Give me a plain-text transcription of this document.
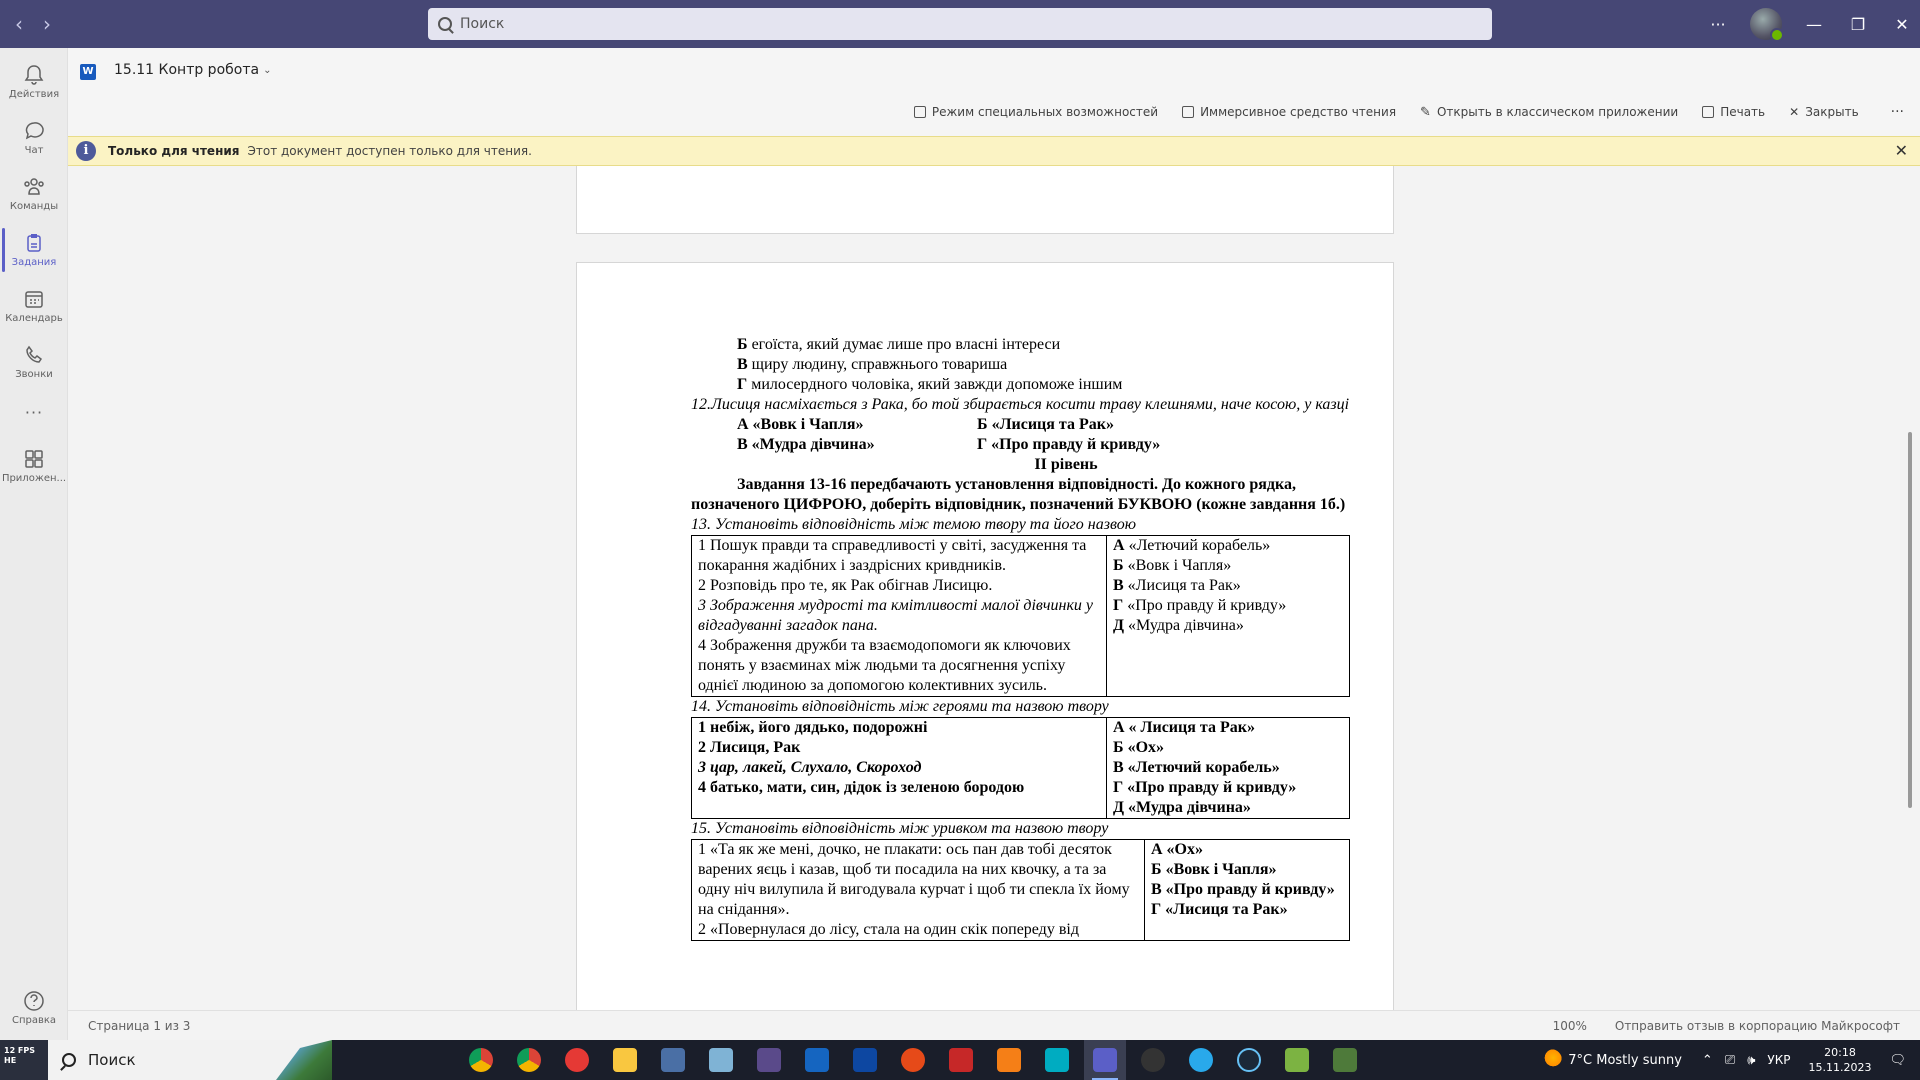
‹	›
Поиск	···	—	❐	✕
Действия
Чат
Команды
Задания
Календарь
Звонки
···
Приложен...
Справка
W 15.11 Контр робота ⌄
Режим специальных возможностей	Иммерсивное средство чтения ✎ Открыть в классическом приложении	Печать ✕ Закрыть ···
i	Только для чтения Этот документ доступен только для чтения.	✕
Б егоїста, який думає лише про власні інтереси
В щиру людину, справжнього товариша
Г милосердного чоловіка, який завжди допоможе іншим
12.Лисиця насміхається з Рака, бо той збирається косити траву клешнями, наче косою, у казці
А «Вовк і Чапля»	Б «Лисиця та Рак»
В «Мудра дівчина»	Г «Про правду й кривду»
ІІ рівень
Завдання 13-16 передбачають установлення відповідності. До кожного рядка, позначеного ЦИФРОЮ, доберіть відповідник, позначений БУКВОЮ (кожне завдання 1б.)
13. Установіть відповідність між темою твору та його назвою
1 Пошук правди та справедливості у світі, засудження та покарання жадібних і заздрісних кривдників.
2 Розповідь про те, як Рак обігнав Лисицю.
3 Зображення мудрості та кмітливості малої дівчинки у відгадуванні загадок пана.
4 Зображення дружби та взаємодопомоги як ключових понять у взаєминах між людьми та досягнення успіху однієї людиною за допомогою колективних зусиль.

А «Летючий корабель»
Б «Вовк і Чапля»
В «Лисиця та Рак»
Г «Про правду й кривду»
Д «Мудра дівчина»
14. Установіть відповідність між героями та назвою твору
1 небіж, його дядько, подорожні
2 Лисиця, Рак
3 цар, лакей, Слухало, Скороход
4 батько, мати, син, дідок із зеленою бородою

А « Лисиця та Рак»
Б «Ох»
В «Летючий корабель»
Г «Про правду й кривду»
Д «Мудра дівчина»
15. Установіть відповідність між уривком та назвою твору
1 «Та як же мені, дочко, не плакати: ось пан дав тобі десяток варених яєць і казав, щоб ти посадила на них квочку, а та за одну ніч вилупила й вигодувала курчат і щоб ти спекла їх йому на снідання».
2 «Повернулася до лісу, стала на один скік попереду від

А «Ох»
Б «Вовк і Чапля»
В «Про правду й кривду»
Г «Лисиця та Рак»
Страница 1 из 3	100% Отправить отзыв в корпорацию Майкрософт
12 FPS HE	Поиск	7°C Mostly sunny ⌃ ⎚ 🕪 УКР
20:18
15.11.2023 🗨
